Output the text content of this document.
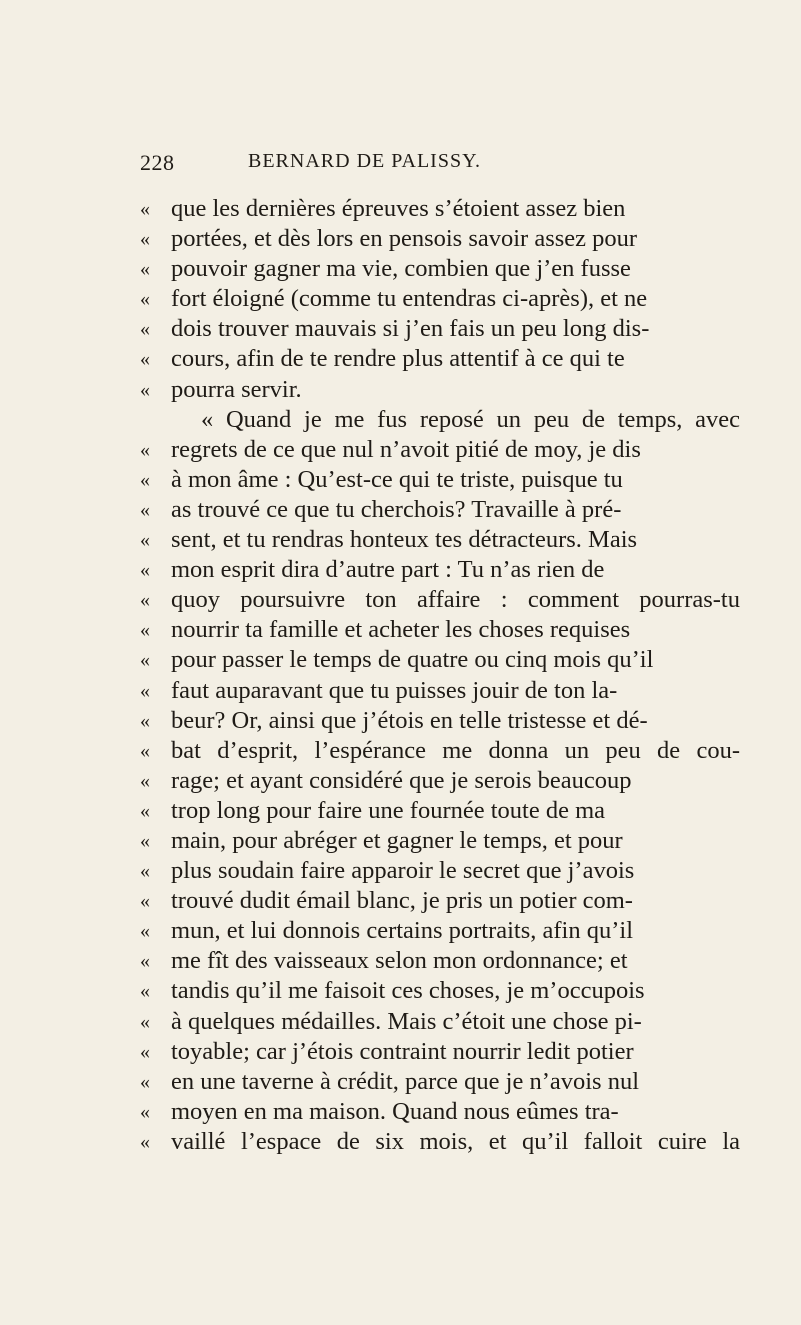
228	BERNARD DE PALISSY.
« que les dernières épreuves s’étoient assez bien
« portées, et dès lors en pensois savoir assez pour
« pouvoir gagner ma vie, combien que j’en fusse
« fort éloigné (comme tu entendras ci-après), et ne
« dois trouver mauvais si j’en fais un peu long dis-
« cours, afin de te rendre plus attentif à ce qui te
« pourra servir.
« Quand je me fus reposé un peu de temps, avec
« regrets de ce que nul n’avoit pitié de moy, je dis
« à mon âme : Qu’est-ce qui te triste, puisque tu
« as trouvé ce que tu cherchois? Travaille à pré-
« sent, et tu rendras honteux tes détracteurs. Mais
« mon esprit dira d’autre part : Tu n’as rien de
« quoy poursuivre ton affaire : comment pourras-tu
« nourrir ta famille et acheter les choses requises
« pour passer le temps de quatre ou cinq mois qu’il
« faut auparavant que tu puisses jouir de ton la-
« beur? Or, ainsi que j’étois en telle tristesse et dé-
« bat d’esprit, l’espérance me donna un peu de cou-
« rage; et ayant considéré que je serois beaucoup
« trop long pour faire une fournée toute de ma
« main, pour abréger et gagner le temps, et pour
« plus soudain faire apparoir le secret que j’avois
« trouvé dudit émail blanc, je pris un potier com-
« mun, et lui donnois certains portraits, afin qu’il
« me fît des vaisseaux selon mon ordonnance; et
« tandis qu’il me faisoit ces choses, je m’occupois
« à quelques médailles. Mais c’étoit une chose pi-
« toyable; car j’étois contraint nourrir ledit potier
« en une taverne à crédit, parce que je n’avois nul
« moyen en ma maison. Quand nous eûmes tra-
« vaillé l’espace de six mois, et qu’il falloit cuire la
